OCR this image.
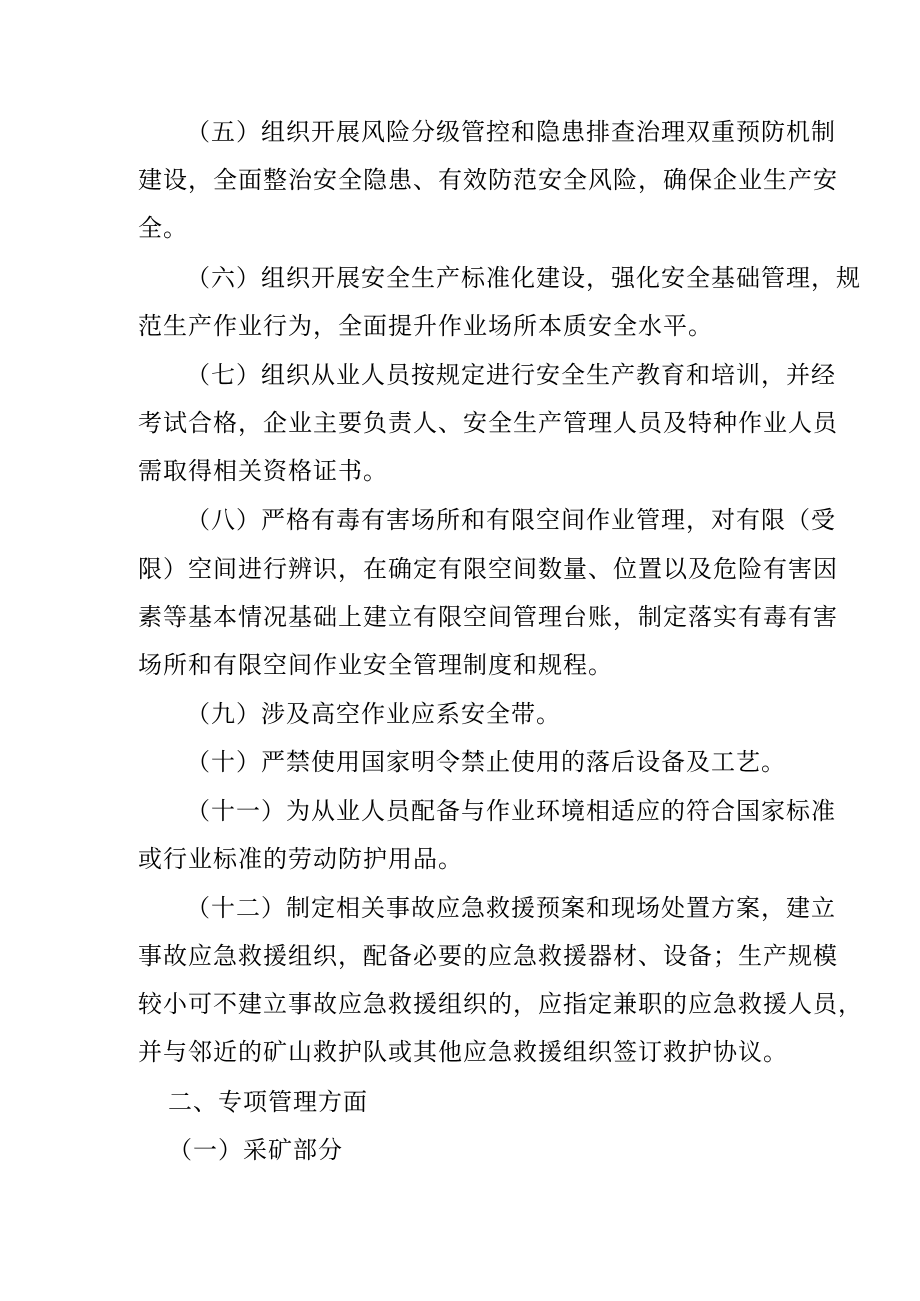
（五）组织开展风险分级管控和隐患排查治理双重预防机制
建设，全面整治安全隐患、有效防范安全风险，确保企业生产安
全。
（六）组织开展安全生产标准化建设，强化安全基础管理，规
范生产作业行为，全面提升作业场所本质安全水平。
（七）组织从业人员按规定进行安全生产教育和培训，并经
考试合格，企业主要负责人、安全生产管理人员及特种作业人员
需取得相关资格证书。
（八）严格有毒有害场所和有限空间作业管理，对有限（受
限）空间进行辨识，在确定有限空间数量、位置以及危险有害因
素等基本情况基础上建立有限空间管理台账，制定落实有毒有害
场所和有限空间作业安全管理制度和规程。
（九）涉及高空作业应系安全带。
（十）严禁使用国家明令禁止使用的落后设备及工艺。
（十一）为从业人员配备与作业环境相适应的符合国家标准
或行业标准的劳动防护用品。
（十二）制定相关事故应急救援预案和现场处置方案，建立
事故应急救援组织，配备必要的应急救援器材、设备；生产规模
较小可不建立事故应急救援组织的，应指定兼职的应急救援人员，
并与邻近的矿山救护队或其他应急救援组织签订救护协议。
二、专项管理方面
（一）采矿部分
